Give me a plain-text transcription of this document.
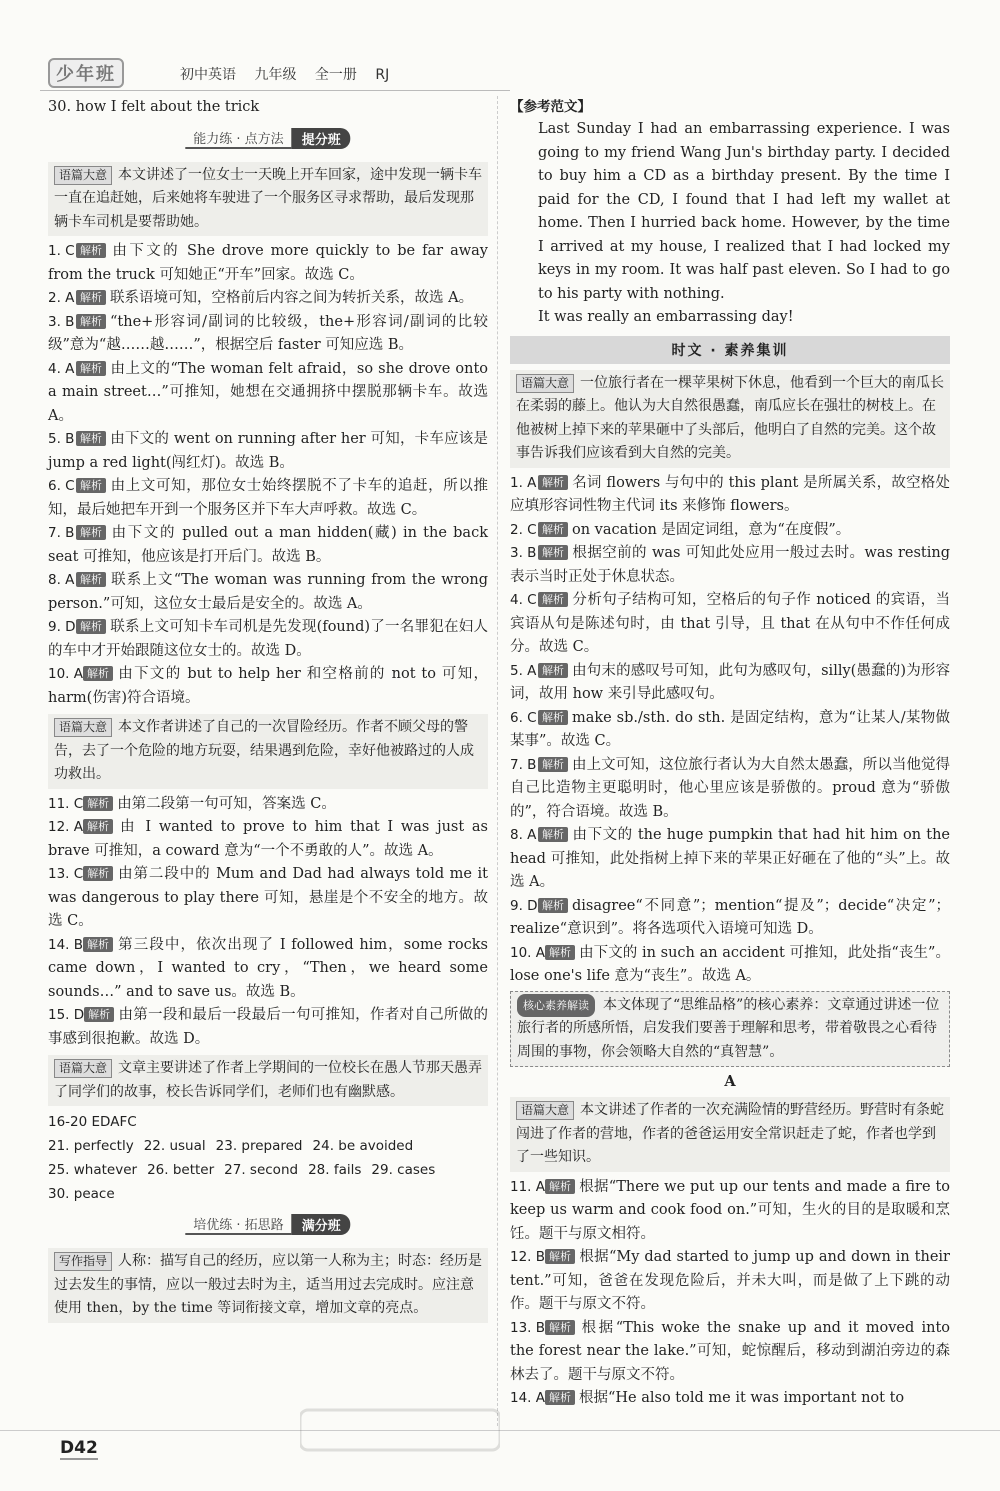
少年班	初中英语 九年级 全一册 RJ

30. how I felt about the trick

能力练 · 点方法	提分班
语篇大意 本文讲述了一位女士一天晚上开车回家，途中发现一辆卡车一直在追赶她，后来她将车驶进了一个服务区寻求帮助，最后发现那辆卡车司机是要帮助她。
1. C 解析 由下文的 She drove more quickly to be far away from the truck 可知她正“开车”回家。故选 C。
2. A 解析 联系语境可知，空格前后内容之间为转折关系，故选 A。
3. B 解析 “the+形容词/副词的比较级，the+形容词/副词的比较级”意为“越……越……”，根据空后 faster 可知应选 B。
4. A 解析 由上文的“The woman felt afraid，so she drove onto a main street…”可推知，她想在交通拥挤中摆脱那辆卡车。故选 A。
5. B 解析 由下文的 went on running after her 可知，卡车应该是 jump a red light(闯红灯)。故选 B。
6. C 解析 由上文可知，那位女士始终摆脱不了卡车的追赶，所以推知，最后她把车开到一个服务区并下车大声呼救。故选 C。
7. B 解析 由下文的 pulled out a man hidden(藏) in the back seat 可推知，他应该是打开后门。故选 B。
8. A 解析 联系上文“The woman was running from the wrong person.”可知，这位女士最后是安全的。故选 A。
9. D 解析 联系上文可知卡车司机是先发现(found)了一名罪犯在妇人的车中才开始跟随这位女士的。故选 D。
10. A 解析 由下文的 but to help her 和空格前的 not to 可知，harm(伤害)符合语境。
语篇大意 本文作者讲述了自己的一次冒险经历。作者不顾父母的警告，去了一个危险的地方玩耍，结果遇到危险，幸好他被路过的人成功救出。
11. C 解析 由第二段第一句可知，答案选 C。
12. A 解析 由 I wanted to prove to him that I was just as brave 可推知，a coward 意为“一个不勇敢的人”。故选 A。
13. C 解析 由第二段中的 Mum and Dad had always told me it was dangerous to play there 可知，悬崖是个不安全的地方。故选 C。
14. B 解析 第三段中，依次出现了 I followed him，some rocks came down，I wanted to cry，“Then，we heard some sounds…” and to save us。故选 B。
15. D 解析 由第一段和最后一段最后一句可推知，作者对自己所做的事感到很抱歉。故选 D。
语篇大意 文章主要讲述了作者上学期间的一位校长在愚人节那天愚弄了同学们的故事，校长告诉同学们，老师们也有幽默感。
16-20 EDAFC
21. perfectly 22. usual 23. prepared 24. be avoided
25. whatever 26. better 27. second 28. fails 29. cases
30. peace
培优练 · 拓思路	满分班
写作指导 人称：描写自己的经历，应以第一人称为主；时态：经历是过去发生的事情，应以一般过去时为主，适当用过去完成时。应注意使用 then，by the time 等词衔接文章，增加文章的亮点。
【参考范文】

Last Sunday I had an embarrassing experience. I was going to my friend Wang Jun's birthday party. I decided to buy him a CD as a birthday present. By the time I paid for the CD, I found that I had left my wallet at home. Then I hurried back home. However, by the time I arrived at my house, I realized that I had locked my keys in my room. It was half past eleven. So I had to go to his party with nothing.

It was really an embarrassing day!

时文 · 素养集训
语篇大意 一位旅行者在一棵苹果树下休息，他看到一个巨大的南瓜长在柔弱的藤上。他认为大自然很愚蠢，南瓜应长在强壮的树枝上。在他被树上掉下来的苹果砸中了头部后，他明白了自然的完美。这个故事告诉我们应该看到大自然的完美。
1. A 解析 名词 flowers 与句中的 this plant 是所属关系，故空格处应填形容词性物主代词 its 来修饰 flowers。
2. C 解析 on vacation 是固定词组，意为“在度假”。
3. B 解析 根据空前的 was 可知此处应用一般过去时。was resting 表示当时正处于休息状态。
4. C 解析 分析句子结构可知，空格后的句子作 noticed 的宾语，当宾语从句是陈述句时，由 that 引导，且 that 在从句中不作任何成分。故选 C。
5. A 解析 由句末的感叹号可知，此句为感叹句，silly(愚蠢的)为形容词，故用 how 来引导此感叹句。
6. C 解析 make sb./sth. do sth. 是固定结构，意为“让某人/某物做某事”。故选 C。
7. B 解析 由上文可知，这位旅行者认为大自然太愚蠢，所以当他觉得自己比造物主更聪明时，他心里应该是骄傲的。proud 意为“骄傲的”，符合语境。故选 B。
8. A 解析 由下文的 the huge pumpkin that had hit him on the head 可推知，此处指树上掉下来的苹果正好砸在了他的“头”上。故选 A。
9. D 解析 disagree“不同意”；mention“提及”；decide“决定”；realize“意识到”。将各选项代入语境可知选 D。
10. A 解析 由下文的 in such an accident 可推知，此处指“丧生”。lose one's life 意为“丧生”。故选 A。
核心素养解读 本文体现了“思维品格”的核心素养：文章通过讲述一位旅行者的所感所悟，启发我们要善于理解和思考，带着敬畏之心看待周围的事物，你会领略大自然的“真智慧”。
A
语篇大意 本文讲述了作者的一次充满险情的野营经历。野营时有条蛇闯进了作者的营地，作者的爸爸运用安全常识赶走了蛇，作者也学到了一些知识。
11. A 解析 根据“There we put up our tents and made a fire to keep us warm and cook food on.”可知，生火的目的是取暖和烹饪。题干与原文相符。
12. B 解析 根据“My dad started to jump up and down in their tent.”可知，爸爸在发现危险后，并未大叫，而是做了上下跳的动作。题干与原文不符。
13. B 解析 根据“This woke the snake up and it moved into the forest near the lake.”可知，蛇惊醒后，移动到湖泊旁边的森林去了。题干与原文不符。
14. A 解析 根据“He also told me it was important not to
D42
